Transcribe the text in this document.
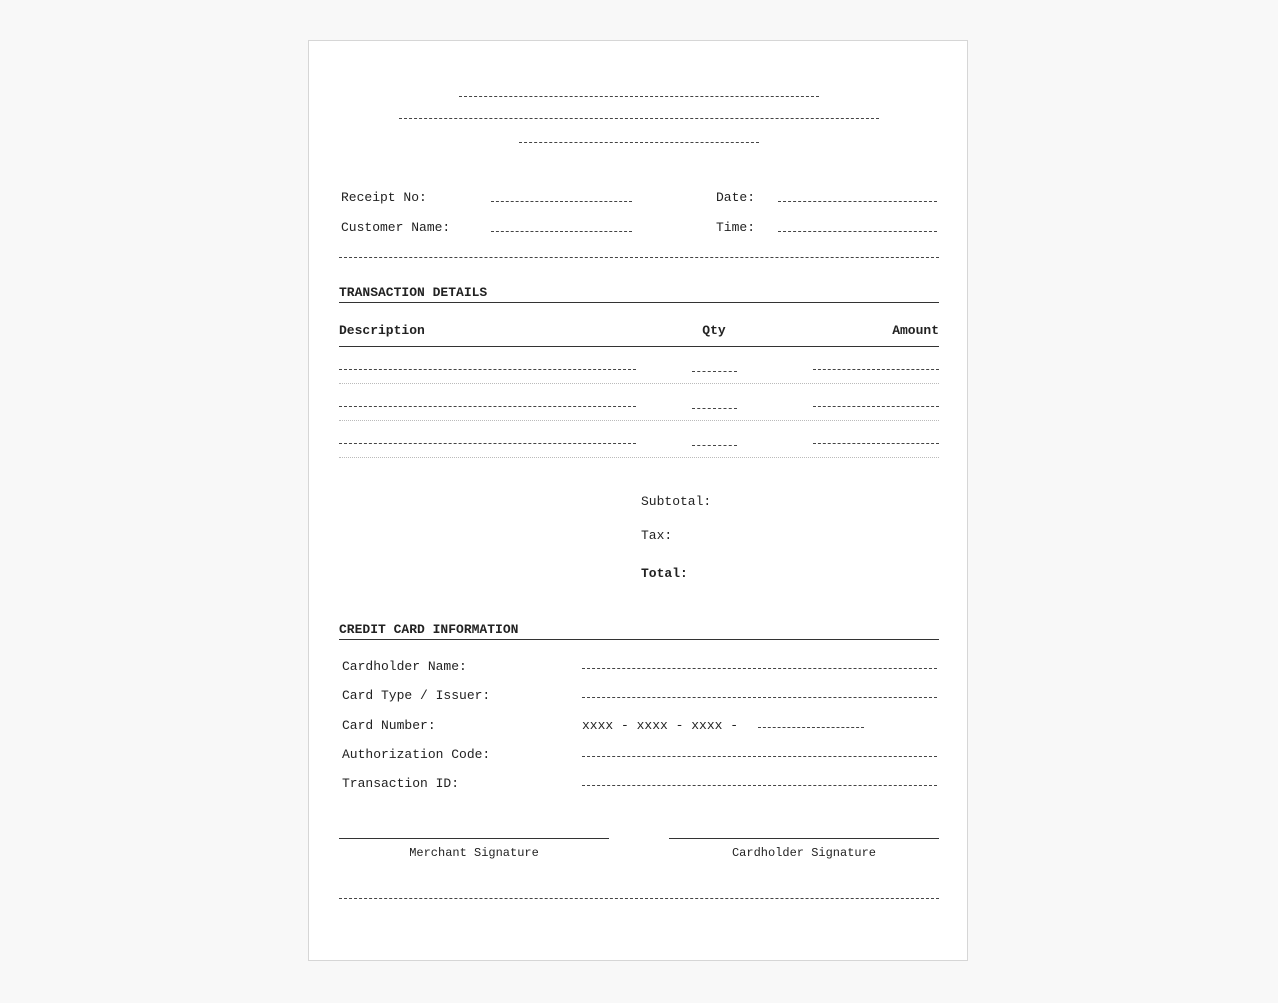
Receipt No:	Date:
Customer Name:	Time:
TRANSACTION DETAILS
Description	Qty	Amount
Subtotal:
Tax:
Total:
CREDIT CARD INFORMATION
Cardholder Name:
Card Type / Issuer:
Card Number:	xxxx - xxxx - xxxx -
Authorization Code:
Transaction ID:
Merchant Signature	Cardholder Signature
